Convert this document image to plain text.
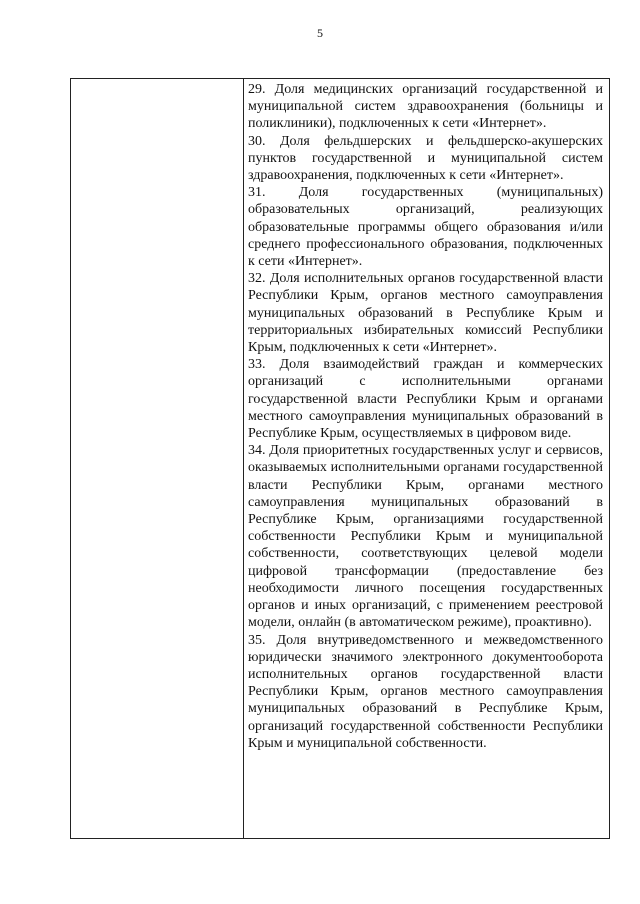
5

29. Доля медицинских организаций государственной и муниципальной систем здравоохранения (больницы и поликлиники), подключенных к сети «Интернет».

30. Доля фельдшерских и фельдшерско-акушерских пунктов государственной и муниципальной систем здравоохранения, подключенных к сети «Интернет».

31. Доля государственных (муниципальных) образовательных организаций, реализующих образовательные программы общего образования и/или среднего профессионального образования, подключенных к сети «Интернет».

32. Доля исполнительных органов государственной власти Республики Крым, органов местного самоуправления муниципальных образований в Республике Крым и территориальных избирательных комиссий Республики Крым, подключенных к сети «Интернет».

33. Доля взаимодействий граждан и коммерческих организаций с исполнительными органами государственной власти Республики Крым и органами местного самоуправления муниципальных образований в Республике Крым, осуществляемых в цифровом виде.

34. Доля приоритетных государственных услуг и сервисов, оказываемых исполнительными органами государственной власти Республики Крым, органами местного самоуправления муниципальных образований в Республике Крым, организациями государственной собственности Республики Крым и муниципальной собственности, соответствующих целевой модели цифровой трансформации (предоставление без необходимости личного посещения государственных органов и иных организаций, с применением реестровой модели, онлайн (в автоматическом режиме), проактивно).

35. Доля внутриведомственного и межведомственного юридически значимого электронного документооборота исполнительных органов государственной власти Республики Крым, органов местного самоуправления муниципальных образований в Республике Крым, организаций государственной собственности Республики Крым и муниципальной собственности.
